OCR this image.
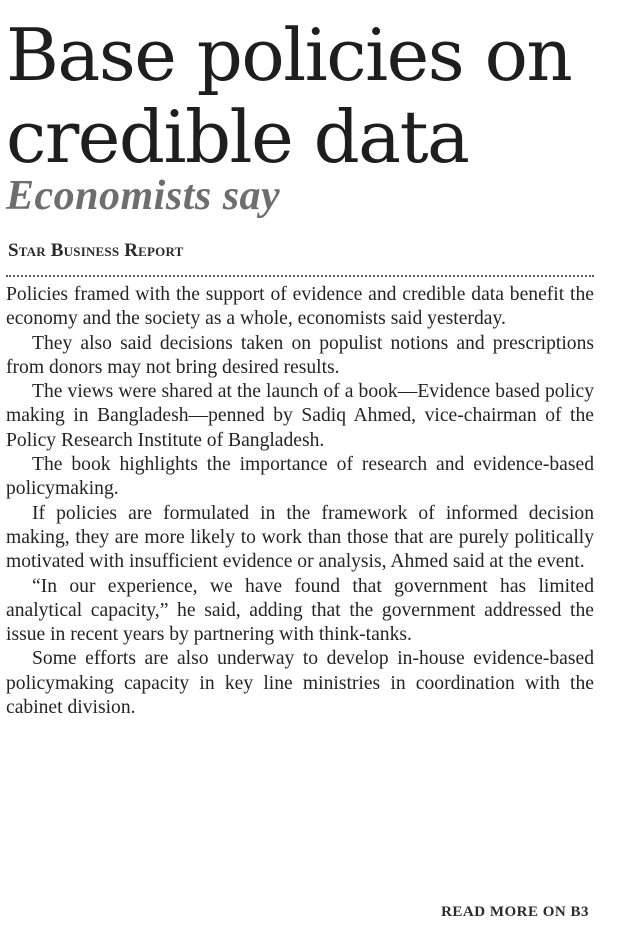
Base policies on
credible data
Economists say
Star Business Report

Policies framed with the support of evidence and credible data benefit the economy and the society as a whole, economists said yesterday.

They also said decisions taken on populist notions and prescriptions from donors may not bring desired results.

The views were shared at the launch of a book—Evidence based policy making in Bangladesh—penned by Sadiq Ahmed, vice-chairman of the Policy Research Institute of Bangladesh.

The book highlights the importance of research and evidence-based policymaking.

If policies are formulated in the framework of informed decision making, they are more likely to work than those that are purely politically motivated with insufficient evidence or analysis, Ahmed said at the event.

“In our experience, we have found that government has limited analytical capacity,” he said, adding that the government addressed the issue in recent years by partnering with think-tanks.

Some efforts are also underway to develop in-house evidence-based policymaking capacity in key line ministries in coordination with the cabinet division.

READ MORE ON B3
